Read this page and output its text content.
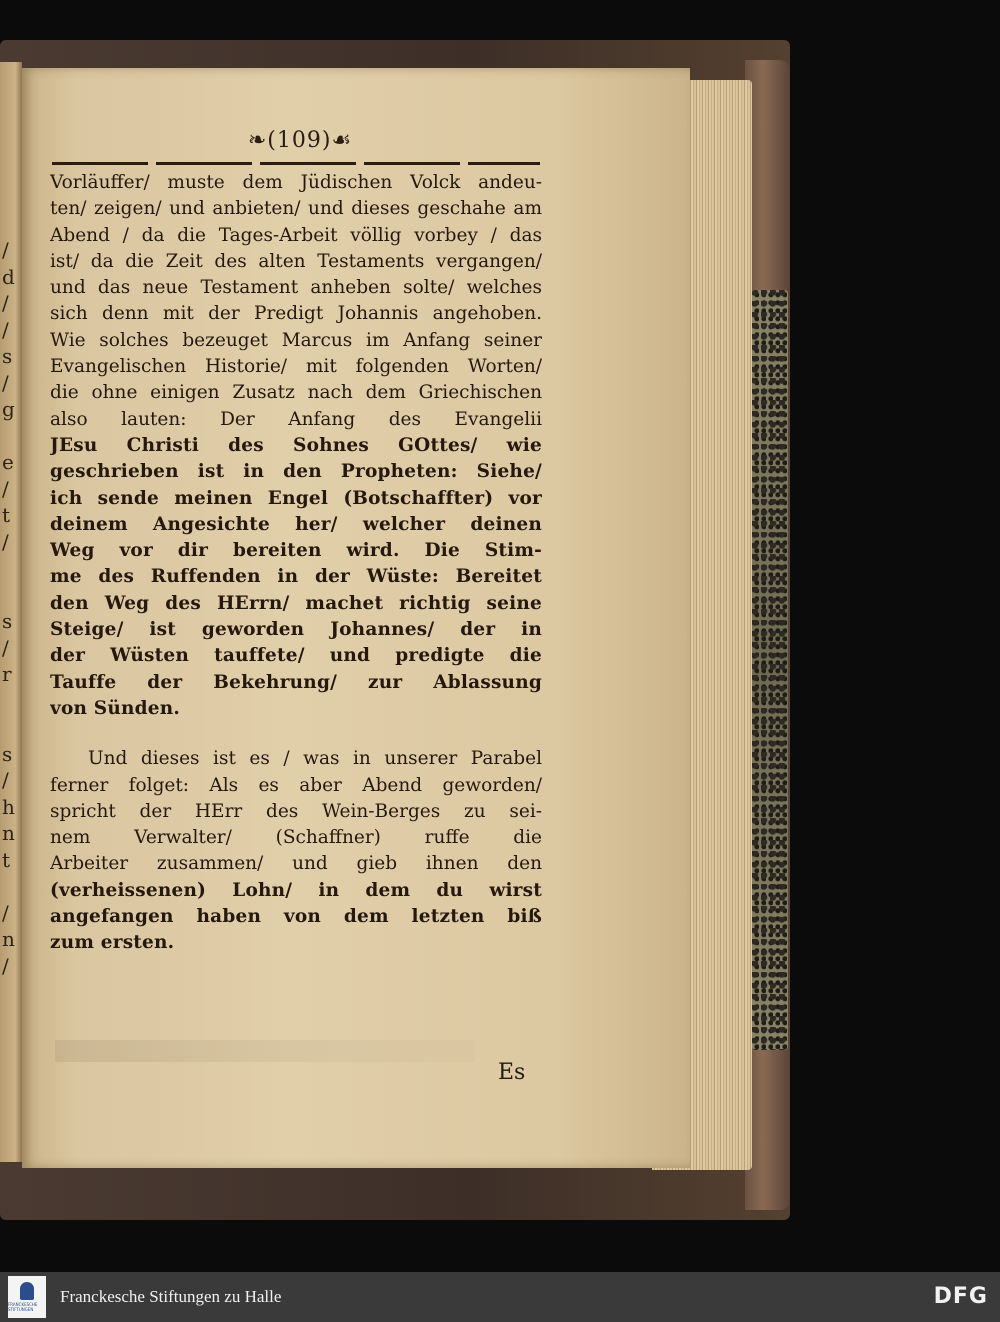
/
d
/
/
s
/
g
e
/
t
/
s
/
r
s
/
h
n
t
/
n
/
❧(109)☙
Vorläuffer/ muste dem Jüdischen Volck andeu-
ten/ zeigen/ und anbieten/ und dieses geschahe am
Abend / da die Tages-Arbeit völlig vorbey / das
ist/ da die Zeit des alten Testaments vergangen/
und das neue Testament anheben solte/ welches
sich denn mit der Predigt Johannis angehoben.
Wie solches bezeuget Marcus im Anfang seiner
Evangelischen Historie/ mit folgenden Worten/
die ohne einigen Zusatz nach dem Griechischen
also lauten: Der Anfang des Evangelii
JEsu Christi des Sohnes GOttes/ wie
geschrieben ist in den Propheten: Siehe/
ich sende meinen Engel (Botschaffter) vor
deinem Angesichte her/ welcher deinen
Weg vor dir bereiten wird. Die Stim-
me des Ruffenden in der Wüste: Bereitet
den Weg des HErrn/ machet richtig seine
Steige/ ist geworden Johannes/ der in
der Wüsten tauffete/ und predigte die
Tauffe der Bekehrung/ zur Ablassung
von Sünden.
Und dieses ist es / was in unserer Parabel
ferner folget: Als es aber Abend geworden/
spricht der HErr des Wein-Berges zu sei-
nem Verwalter/ (Schaffner) ruffe die
Arbeiter zusammen/ und gieb ihnen den
(verheissenen) Lohn/ in dem du wirst
angefangen haben von dem letzten biß
zum ersten.
Es
FRANCKESCHE STIFTUNGEN
Franckesche Stiftungen zu Halle	DFG
